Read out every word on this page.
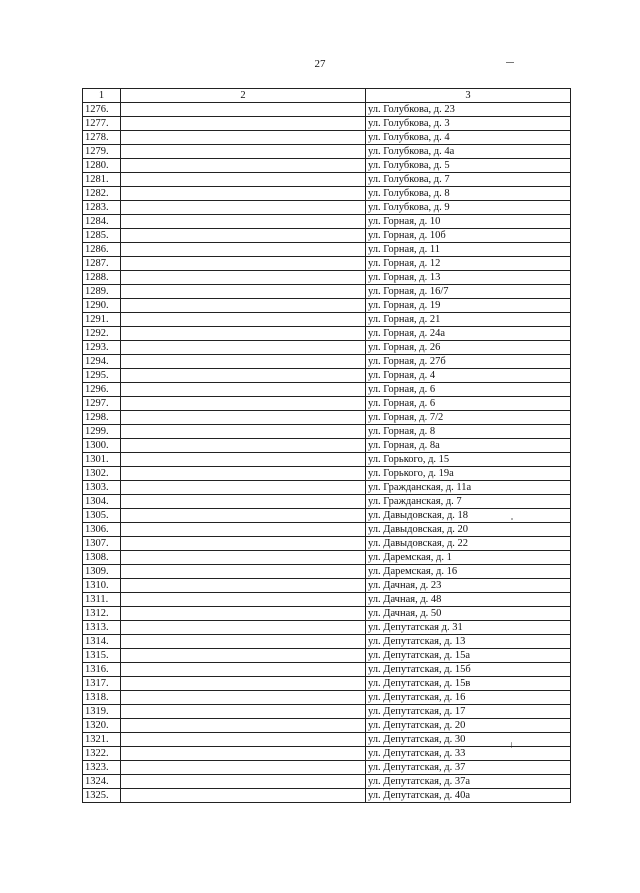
27
1	2	3
1276.		ул. Голубкова, д. 23
1277.		ул. Голубкова, д. 3
1278.		ул. Голубкова, д. 4
1279.		ул. Голубкова, д. 4а
1280.		ул. Голубкова, д. 5
1281.		ул. Голубкова, д. 7
1282.		ул. Голубкова, д. 8
1283.		ул. Голубкова, д. 9
1284.		ул. Горная, д. 10
1285.		ул. Горная, д. 10б
1286.		ул. Горная, д. 11
1287.		ул. Горная, д. 12
1288.		ул. Горная, д. 13
1289.		ул. Горная, д. 16/7
1290.		ул. Горная, д. 19
1291.		ул. Горная, д. 21
1292.		ул. Горная, д. 24а
1293.		ул. Горная, д. 26
1294.		ул. Горная, д. 27б
1295.		ул. Горная, д. 4
1296.		ул. Горная, д. 6
1297.		ул. Горная, д. 6
1298.		ул. Горная, д. 7/2
1299.		ул. Горная, д. 8
1300.		ул. Горная, д. 8а
1301.		ул. Горького, д. 15
1302.		ул. Горького, д. 19а
1303.		ул. Гражданская, д. 11а
1304.		ул. Гражданская, д. 7
1305.		ул. Давыдовская, д. 18
1306.		ул. Давыдовская, д. 20
1307.		ул. Давыдовская, д. 22
1308.		ул. Даремская, д. 1
1309.		ул. Даремская, д. 16
1310.		ул. Дачная, д. 23
1311.		ул. Дачная, д. 48
1312.		ул. Дачная, д. 50
1313.		ул. Депутатская д. 31
1314.		ул. Депутатская, д. 13
1315.		ул. Депутатская, д. 15а
1316.		ул. Депутатская, д. 15б
1317.		ул. Депутатская, д. 15в
1318.		ул. Депутатская, д. 16
1319.		ул. Депутатская, д. 17
1320.		ул. Депутатская, д. 20
1321.		ул. Депутатская, д. 30
1322.		ул. Депутатская, д. 33
1323.		ул. Депутатская, д. 37
1324.		ул. Депутатская, д. 37а
1325.		ул. Депутатская, д. 40а
